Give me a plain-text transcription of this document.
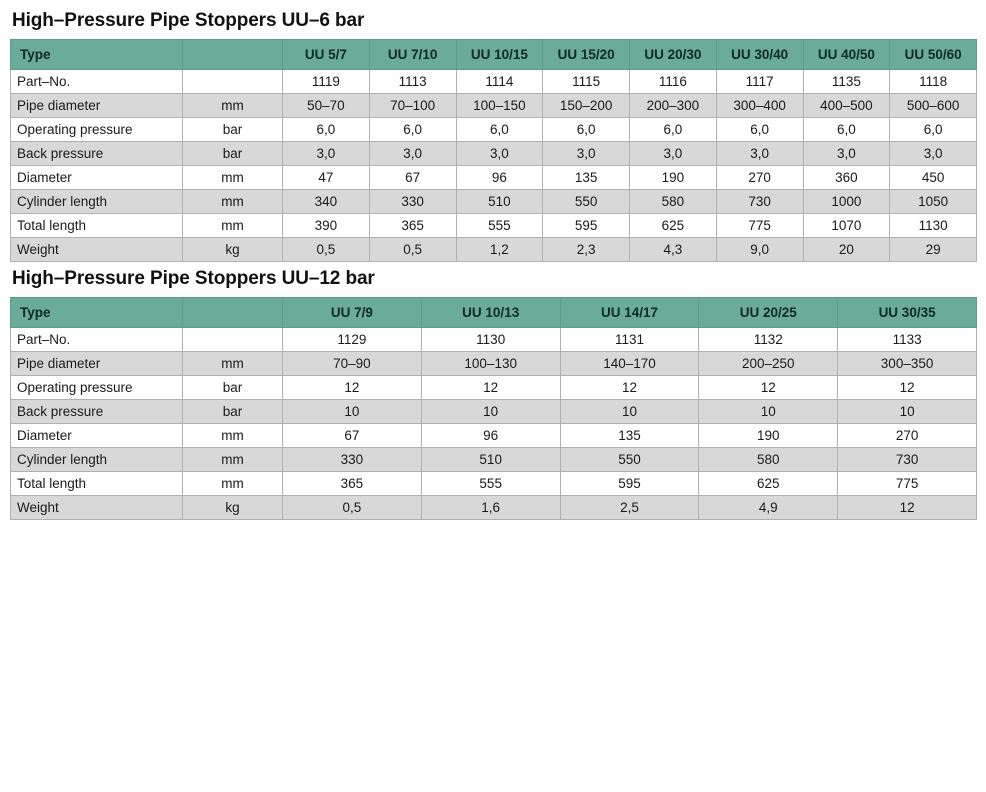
High–Pressure Pipe Stoppers UU–6 bar
Type		UU 5/7	UU 7/10	UU 10/15	UU 15/20	UU 20/30	UU 30/40	UU 40/50	UU 50/60
Part–No.		1119	1113	1114	1115	1116	1117	1135	1118
Pipe diameter	mm	50–70	70–100	100–150	150–200	200–300	300–400	400–500	500–600
Operating pressure	bar	6,0	6,0	6,0	6,0	6,0	6,0	6,0	6,0
Back pressure	bar	3,0	3,0	3,0	3,0	3,0	3,0	3,0	3,0
Diameter	mm	47	67	96	135	190	270	360	450
Cylinder length	mm	340	330	510	550	580	730	1000	1050
Total length	mm	390	365	555	595	625	775	1070	1130
Weight	kg	0,5	0,5	1,2	2,3	4,3	9,0	20	29
High–Pressure Pipe Stoppers UU–12 bar
Type		UU 7/9	UU 10/13	UU 14/17	UU 20/25	UU 30/35
Part–No.		1129	1130	1131	1132	1133
Pipe diameter	mm	70–90	100–130	140–170	200–250	300–350
Operating pressure	bar	12	12	12	12	12
Back pressure	bar	10	10	10	10	10
Diameter	mm	67	96	135	190	270
Cylinder length	mm	330	510	550	580	730
Total length	mm	365	555	595	625	775
Weight	kg	0,5	1,6	2,5	4,9	12
